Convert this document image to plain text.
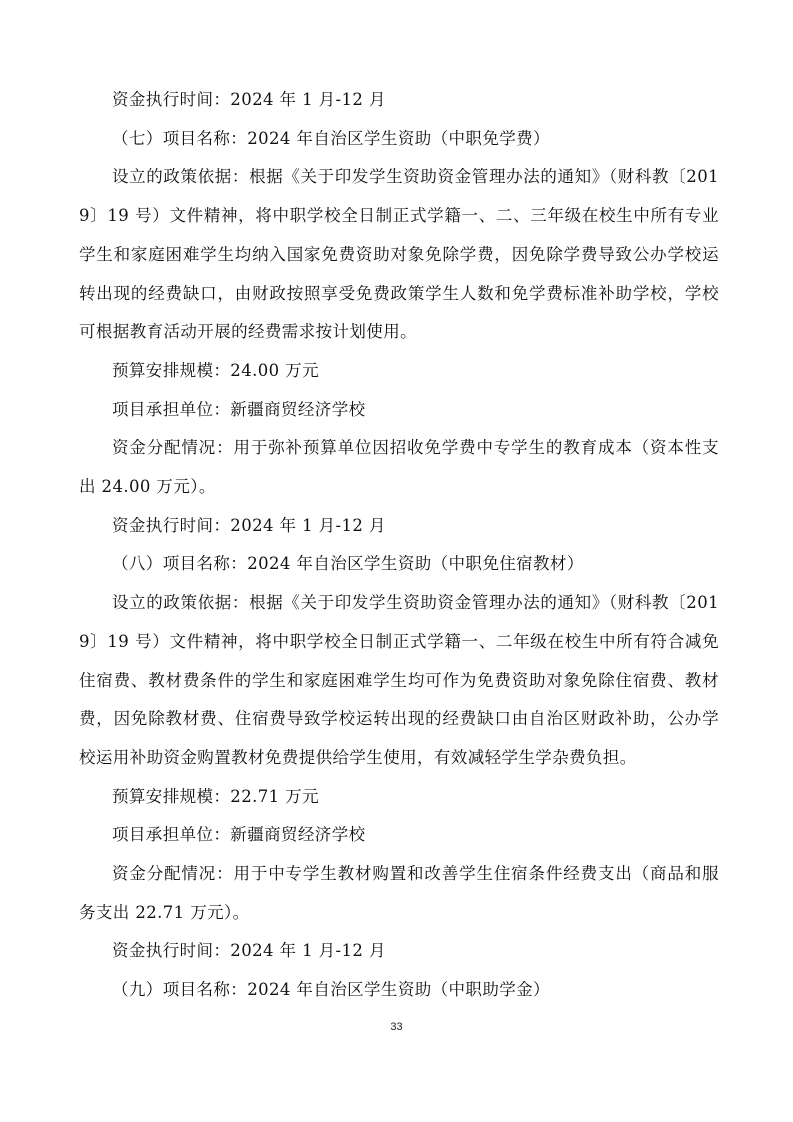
资金执行时间：2024 年 1 月-12 月

（七）项目名称：2024 年自治区学生资助（中职免学费）

设立的政策依据：根据《关于印发学生资助资金管理办法的通知》（财科教〔2019〕19 号）文件精神，将中职学校全日制正式学籍一、二、三年级在校生中所有专业学生和家庭困难学生均纳入国家免费资助对象免除学费，因免除学费导致公办学校运转出现的经费缺口，由财政按照享受免费政策学生人数和免学费标准补助学校，学校可根据教育活动开展的经费需求按计划使用。

预算安排规模：24.00 万元

项目承担单位：新疆商贸经济学校

资金分配情况：用于弥补预算单位因招收免学费中专学生的教育成本（资本性支出 24.00 万元）。

资金执行时间：2024 年 1 月-12 月

（八）项目名称：2024 年自治区学生资助（中职免住宿教材）

设立的政策依据：根据《关于印发学生资助资金管理办法的通知》（财科教〔2019〕19 号）文件精神，将中职学校全日制正式学籍一、二年级在校生中所有符合减免住宿费、教材费条件的学生和家庭困难学生均可作为免费资助对象免除住宿费、教材费，因免除教材费、住宿费导致学校运转出现的经费缺口由自治区财政补助，公办学校运用补助资金购置教材免费提供给学生使用，有效减轻学生学杂费负担。

预算安排规模：22.71 万元

项目承担单位：新疆商贸经济学校

资金分配情况：用于中专学生教材购置和改善学生住宿条件经费支出（商品和服务支出 22.71 万元）。

资金执行时间：2024 年 1 月-12 月

（九）项目名称：2024 年自治区学生资助（中职助学金）

33
